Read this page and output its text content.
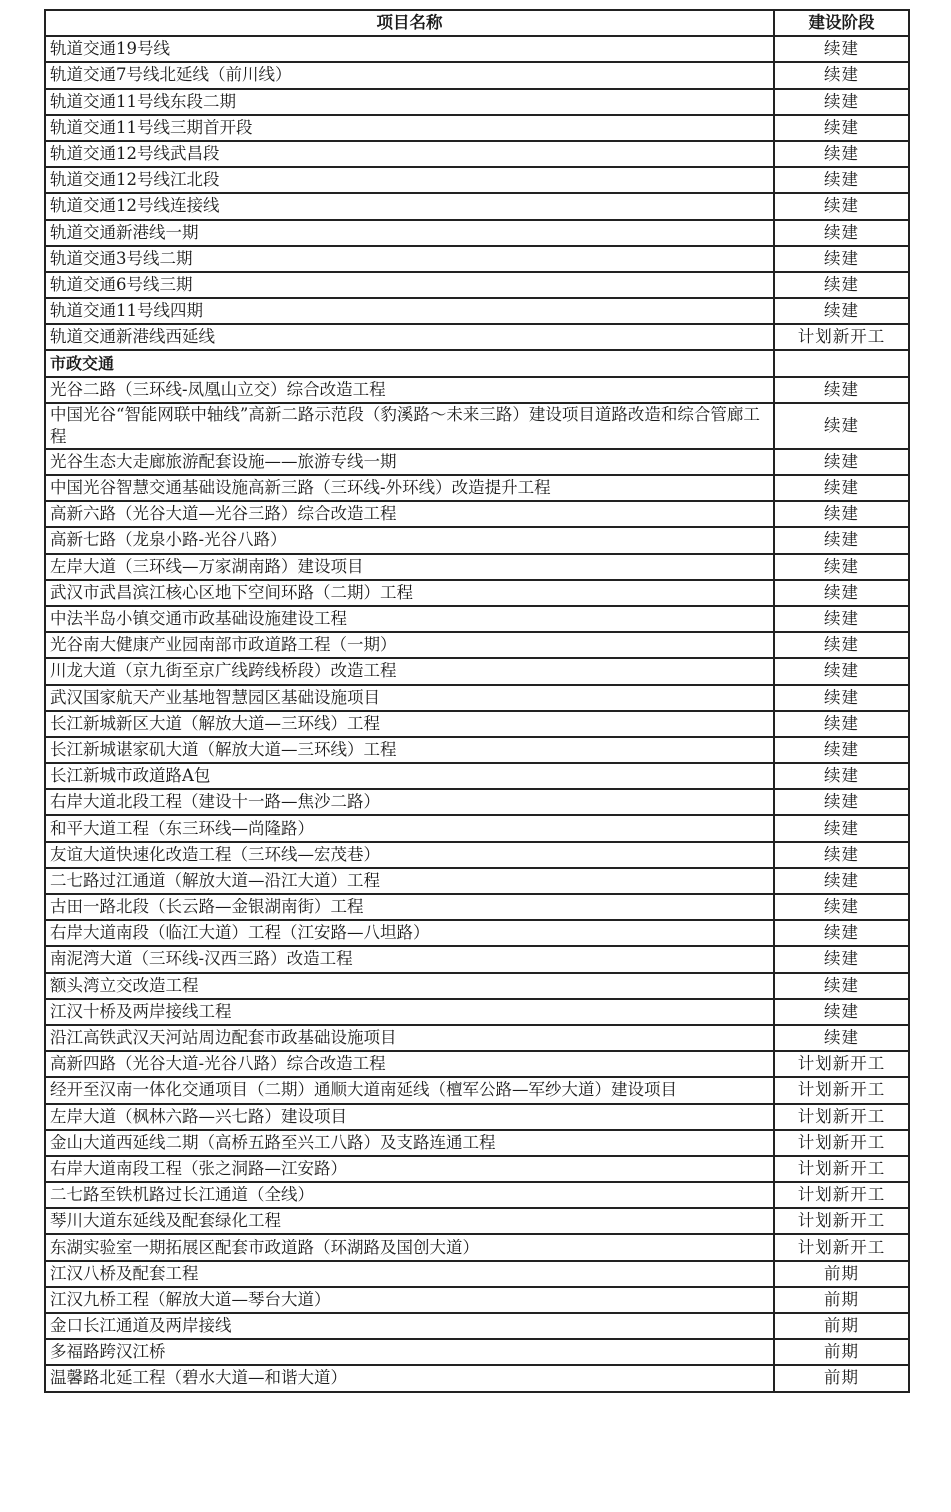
项目名称	建设阶段
轨道交通19号线	续建
轨道交通7号线北延线（前川线）	续建
轨道交通11号线东段二期	续建
轨道交通11号线三期首开段	续建
轨道交通12号线武昌段	续建
轨道交通12号线江北段	续建
轨道交通12号线连接线	续建
轨道交通新港线一期	续建
轨道交通3号线二期	续建
轨道交通6号线三期	续建
轨道交通11号线四期	续建
轨道交通新港线西延线	计划新开工
市政交通	
光谷二路（三环线-凤凰山立交）综合改造工程	续建
中国光谷“智能网联中轴线”高新二路示范段（豹溪路～未来三路）建设项目道路改造和综合管廊工程	续建
光谷生态大走廊旅游配套设施——旅游专线一期	续建
中国光谷智慧交通基础设施高新三路（三环线-外环线）改造提升工程	续建
高新六路（光谷大道—光谷三路）综合改造工程	续建
高新七路（龙泉小路-光谷八路）	续建
左岸大道（三环线—万家湖南路）建设项目	续建
武汉市武昌滨江核心区地下空间环路（二期）工程	续建
中法半岛小镇交通市政基础设施建设工程	续建
光谷南大健康产业园南部市政道路工程（一期）	续建
川龙大道（京九街至京广线跨线桥段）改造工程	续建
武汉国家航天产业基地智慧园区基础设施项目	续建
长江新城新区大道（解放大道—三环线）工程	续建
长江新城谌家矶大道（解放大道—三环线）工程	续建
长江新城市政道路A包	续建
右岸大道北段工程（建设十一路—焦沙二路）	续建
和平大道工程（东三环线—尚隆路）	续建
友谊大道快速化改造工程（三环线—宏茂巷）	续建
二七路过江通道（解放大道—沿江大道）工程	续建
古田一路北段（长云路—金银湖南街）工程	续建
右岸大道南段（临江大道）工程（江安路—八坦路）	续建
南泥湾大道（三环线-汉西三路）改造工程	续建
额头湾立交改造工程	续建
江汉十桥及两岸接线工程	续建
沿江高铁武汉天河站周边配套市政基础设施项目	续建
高新四路（光谷大道-光谷八路）综合改造工程	计划新开工
经开至汉南一体化交通项目（二期）通顺大道南延线（檀军公路—军纱大道）建设项目	计划新开工
左岸大道（枫林六路—兴七路）建设项目	计划新开工
金山大道西延线二期（高桥五路至兴工八路）及支路连通工程	计划新开工
右岸大道南段工程（张之洞路—江安路）	计划新开工
二七路至铁机路过长江通道（全线）	计划新开工
琴川大道东延线及配套绿化工程	计划新开工
东湖实验室一期拓展区配套市政道路（环湖路及国创大道）	计划新开工
江汉八桥及配套工程	前期
江汉九桥工程（解放大道—琴台大道）	前期
金口长江通道及两岸接线	前期
多福路跨汉江桥	前期
温馨路北延工程（碧水大道—和谐大道）	前期
